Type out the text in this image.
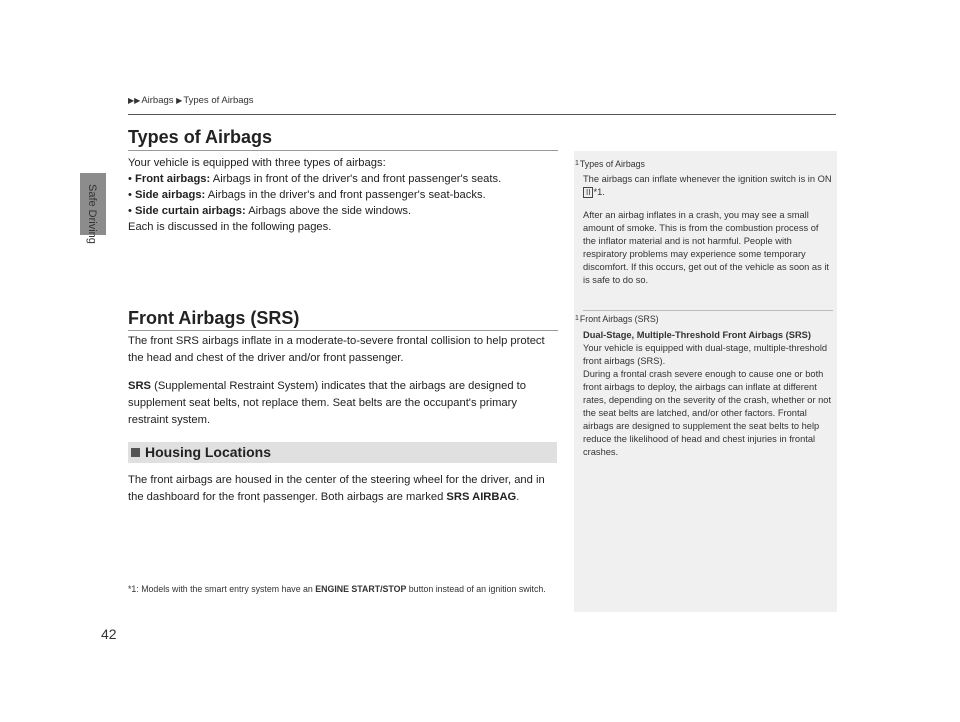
Safe Driving
42
▶▶Airbags ▶Types of Airbags
Types of Airbags

Your vehicle is equipped with three types of airbags:

• Front airbags: Airbags in front of the driver's and front passenger's seats.

• Side airbags: Airbags in the driver's and front passenger's seat-backs.

• Side curtain airbags: Airbags above the side windows.

Each is discussed in the following pages.

Front Airbags (SRS)

The front SRS airbags inflate in a moderate-to-severe frontal collision to help protect the head and chest of the driver and/or front passenger.

SRS (Supplemental Restraint System) indicates that the airbags are designed to supplement seat belts, not replace them. Seat belts are the occupant's primary restraint system.

Housing Locations

The front airbags are housed in the center of the steering wheel for the driver, and in the dashboard for the front passenger. Both airbags are marked SRS AIRBAG.

*1: Models with the smart entry system have an ENGINE START/STOP button instead of an ignition switch.
1Types of Airbags

The airbags can inflate whenever the ignition switch is in ON II *1.

After an airbag inflates in a crash, you may see a small amount of smoke. This is from the combustion process of the inflator material and is not harmful. People with respiratory problems may experience some temporary discomfort. If this occurs, get out of the vehicle as soon as it is safe to do so.

1Front Airbags (SRS)

Dual-Stage, Multiple-Threshold Front Airbags (SRS)

Your vehicle is equipped with dual-stage, multiple-threshold front airbags (SRS).

During a frontal crash severe enough to cause one or both front airbags to deploy, the airbags can inflate at different rates, depending on the severity of the crash, whether or not the seat belts are latched, and/or other factors. Frontal airbags are designed to supplement the seat belts to help reduce the likelihood of head and chest injuries in frontal crashes.
